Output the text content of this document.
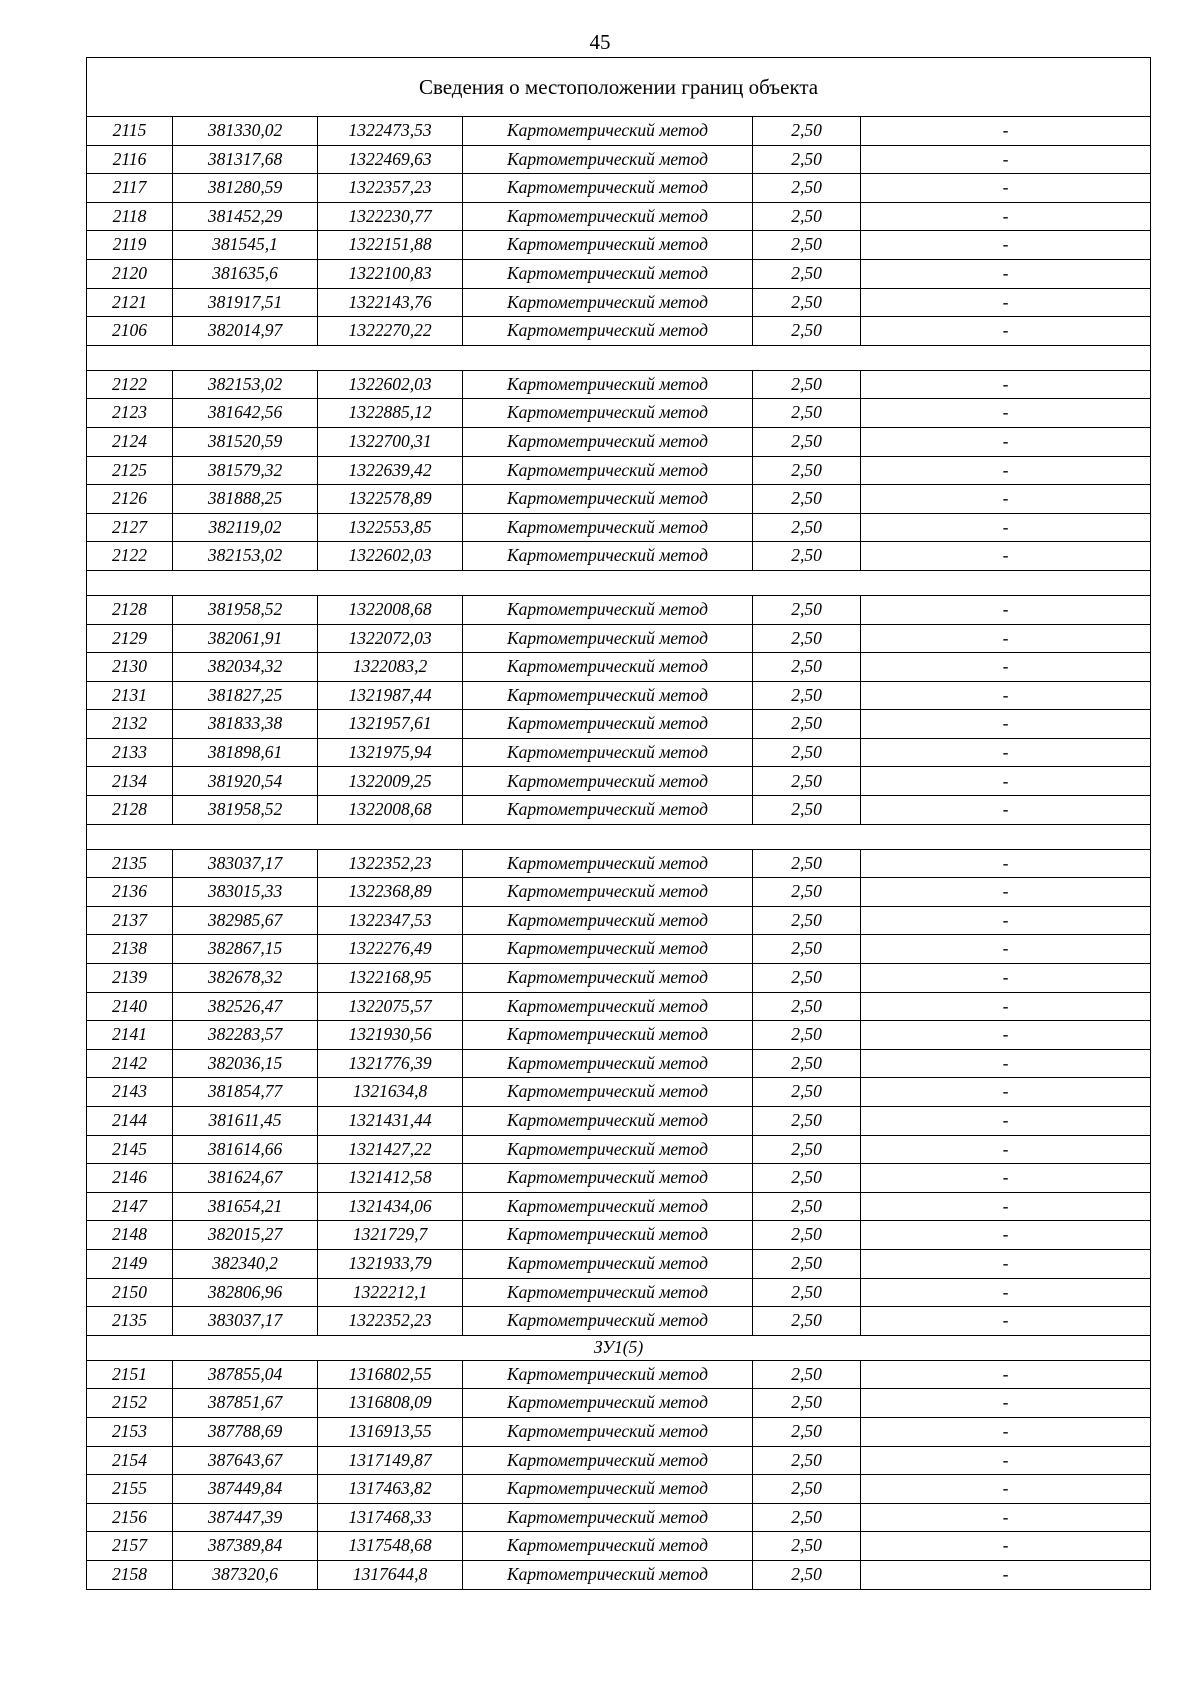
45
Сведения о местоположении границ объекта					
2115	381330,02	1322473,53	Картометрический метод	2,50	-
2116	381317,68	1322469,63	Картометрический метод	2,50	-
2117	381280,59	1322357,23	Картометрический метод	2,50	-
2118	381452,29	1322230,77	Картометрический метод	2,50	-
2119	381545,1	1322151,88	Картометрический метод	2,50	-
2120	381635,6	1322100,83	Картометрический метод	2,50	-
2121	381917,51	1322143,76	Картометрический метод	2,50	-
2106	382014,97	1322270,22	Картометрический метод	2,50	-

2122	382153,02	1322602,03	Картометрический метод	2,50	-
2123	381642,56	1322885,12	Картометрический метод	2,50	-
2124	381520,59	1322700,31	Картометрический метод	2,50	-
2125	381579,32	1322639,42	Картометрический метод	2,50	-
2126	381888,25	1322578,89	Картометрический метод	2,50	-
2127	382119,02	1322553,85	Картометрический метод	2,50	-
2122	382153,02	1322602,03	Картометрический метод	2,50	-

2128	381958,52	1322008,68	Картометрический метод	2,50	-
2129	382061,91	1322072,03	Картометрический метод	2,50	-
2130	382034,32	1322083,2	Картометрический метод	2,50	-
2131	381827,25	1321987,44	Картометрический метод	2,50	-
2132	381833,38	1321957,61	Картометрический метод	2,50	-
2133	381898,61	1321975,94	Картометрический метод	2,50	-
2134	381920,54	1322009,25	Картометрический метод	2,50	-
2128	381958,52	1322008,68	Картометрический метод	2,50	-

2135	383037,17	1322352,23	Картометрический метод	2,50	-
2136	383015,33	1322368,89	Картометрический метод	2,50	-
2137	382985,67	1322347,53	Картометрический метод	2,50	-
2138	382867,15	1322276,49	Картометрический метод	2,50	-
2139	382678,32	1322168,95	Картометрический метод	2,50	-
2140	382526,47	1322075,57	Картометрический метод	2,50	-
2141	382283,57	1321930,56	Картометрический метод	2,50	-
2142	382036,15	1321776,39	Картометрический метод	2,50	-
2143	381854,77	1321634,8	Картометрический метод	2,50	-
2144	381611,45	1321431,44	Картометрический метод	2,50	-
2145	381614,66	1321427,22	Картометрический метод	2,50	-
2146	381624,67	1321412,58	Картометрический метод	2,50	-
2147	381654,21	1321434,06	Картометрический метод	2,50	-
2148	382015,27	1321729,7	Картометрический метод	2,50	-
2149	382340,2	1321933,79	Картометрический метод	2,50	-
2150	382806,96	1322212,1	Картометрический метод	2,50	-
2135	383037,17	1322352,23	Картометрический метод	2,50	-
ЗУ1(5)					
2151	387855,04	1316802,55	Картометрический метод	2,50	-
2152	387851,67	1316808,09	Картометрический метод	2,50	-
2153	387788,69	1316913,55	Картометрический метод	2,50	-
2154	387643,67	1317149,87	Картометрический метод	2,50	-
2155	387449,84	1317463,82	Картометрический метод	2,50	-
2156	387447,39	1317468,33	Картометрический метод	2,50	-
2157	387389,84	1317548,68	Картометрический метод	2,50	-
2158	387320,6	1317644,8	Картометрический метод	2,50	-
